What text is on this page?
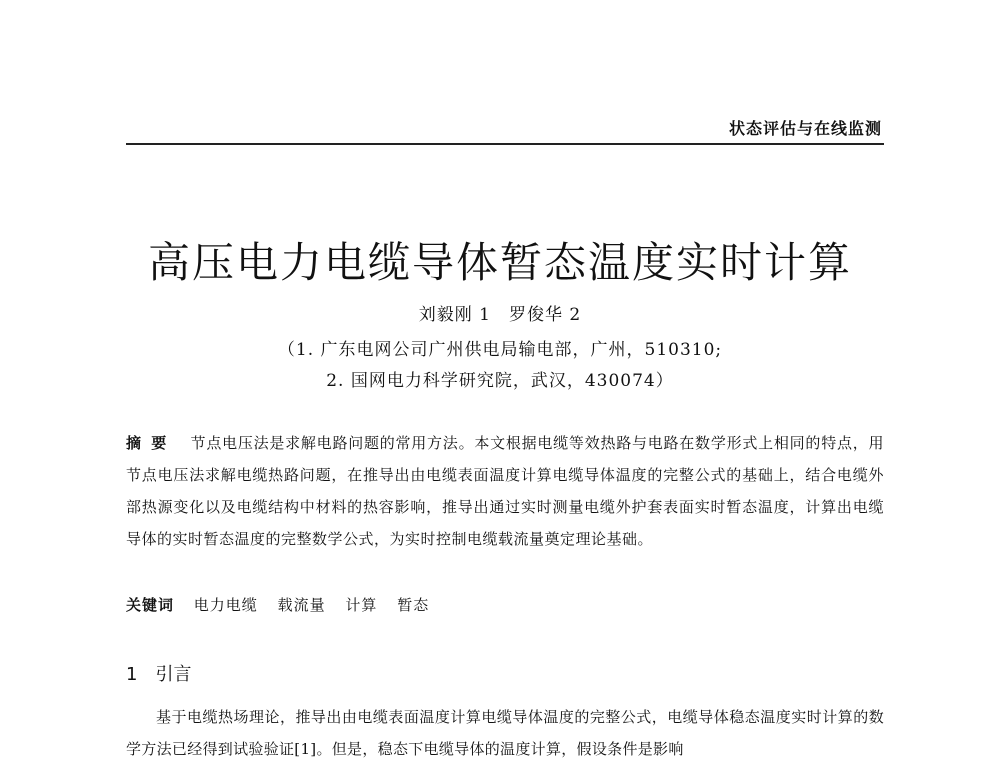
状态评估与在线监测
高压电力电缆导体暂态温度实时计算
刘毅刚 1　罗俊华 2
（1. 广东电网公司广州供电局输电部，广州，510310;
2. 国网电力科学研究院，武汉，430074）
摘要 节点电压法是求解电路问题的常用方法。本文根据电缆等效热路与电路在数学形式上相同的特点，用节点电压法求解电缆热路问题，在推导出由电缆表面温度计算电缆导体温度的完整公式的基础上，结合电缆外部热源变化以及电缆结构中材料的热容影响，推导出通过实时测量电缆外护套表面实时暂态温度，计算出电缆导体的实时暂态温度的完整数学公式，为实时控制电缆载流量奠定理论基础。
关键词 电力电缆 载流量 计算 暂态
1 引言
基于电缆热场理论，推导出由电缆表面温度计算电缆导体温度的完整公式，电缆导体稳态温度实时计算的数学方法已经得到试验验证[1]。但是，稳态下电缆导体的温度计算，假设条件是影响
